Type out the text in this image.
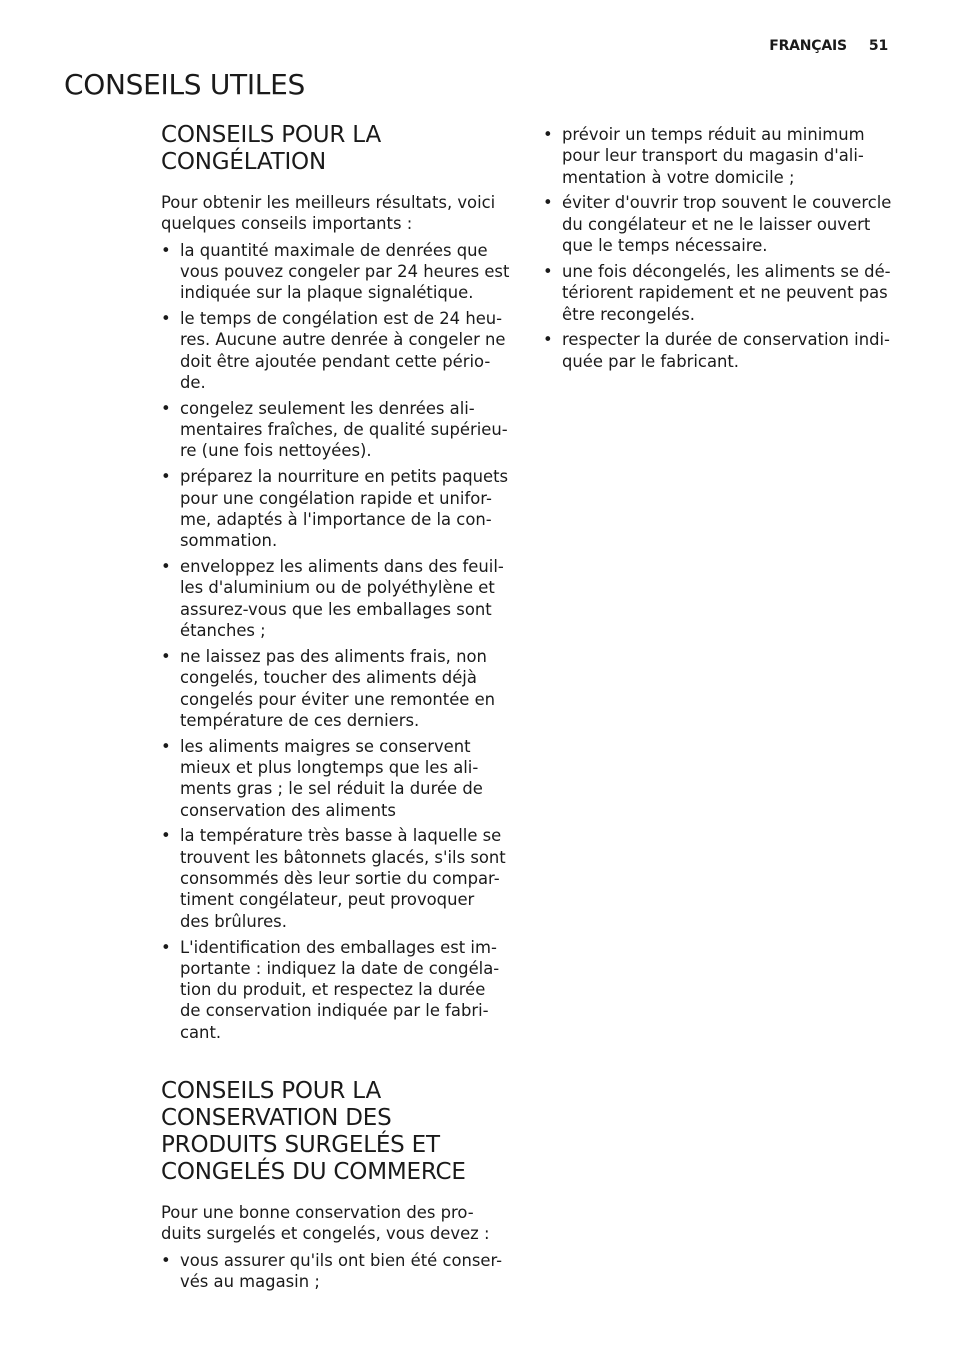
FRANÇAIS 51
CONSEILS UTILES
CONSEILS POUR LA
CONGÉLATION

Pour obtenir les meilleurs résultats, voici
quelques conseils importants :

• la quantité maximale de denrées que
vous pouvez congeler par 24 heures est
indiquée sur la plaque signalétique.
• le temps de congélation est de 24 heu-
res. Aucune autre denrée à congeler ne
doit être ajoutée pendant cette pério-
de.
• congelez seulement les denrées ali-
mentaires fraîches, de qualité supérieu-
re (une fois nettoyées).
• préparez la nourriture en petits paquets
pour une congélation rapide et unifor-
me, adaptés à l'importance de la con-
sommation.
• enveloppez les aliments dans des feuil-
les d'aluminium ou de polyéthylène et
assurez-vous que les emballages sont
étanches ;
• ne laissez pas des aliments frais, non
congelés, toucher des aliments déjà
congelés pour éviter une remontée en
température de ces derniers.
• les aliments maigres se conservent
mieux et plus longtemps que les ali-
ments gras ; le sel réduit la durée de
conservation des aliments
• la température très basse à laquelle se
trouvent les bâtonnets glacés, s'ils sont
consommés dès leur sortie du compar-
timent congélateur, peut provoquer
des brûlures.
• L'identification des emballages est im-
portante : indiquez la date de congéla-
tion du produit, et respectez la durée
de conservation indiquée par le fabri-
cant.
CONSEILS POUR LA
CONSERVATION DES
PRODUITS SURGELÉS ET
CONGELÉS DU COMMERCE

Pour une bonne conservation des pro-
duits surgelés et congelés, vous devez :

• vous assurer qu'ils ont bien été conser-
vés au magasin ;
• prévoir un temps réduit au minimum
pour leur transport du magasin d'ali-
mentation à votre domicile ;
• éviter d'ouvrir trop souvent le couvercle
du congélateur et ne le laisser ouvert
que le temps nécessaire.
• une fois décongelés, les aliments se dé-
tériorent rapidement et ne peuvent pas
être recongelés.
• respecter la durée de conservation indi-
quée par le fabricant.
